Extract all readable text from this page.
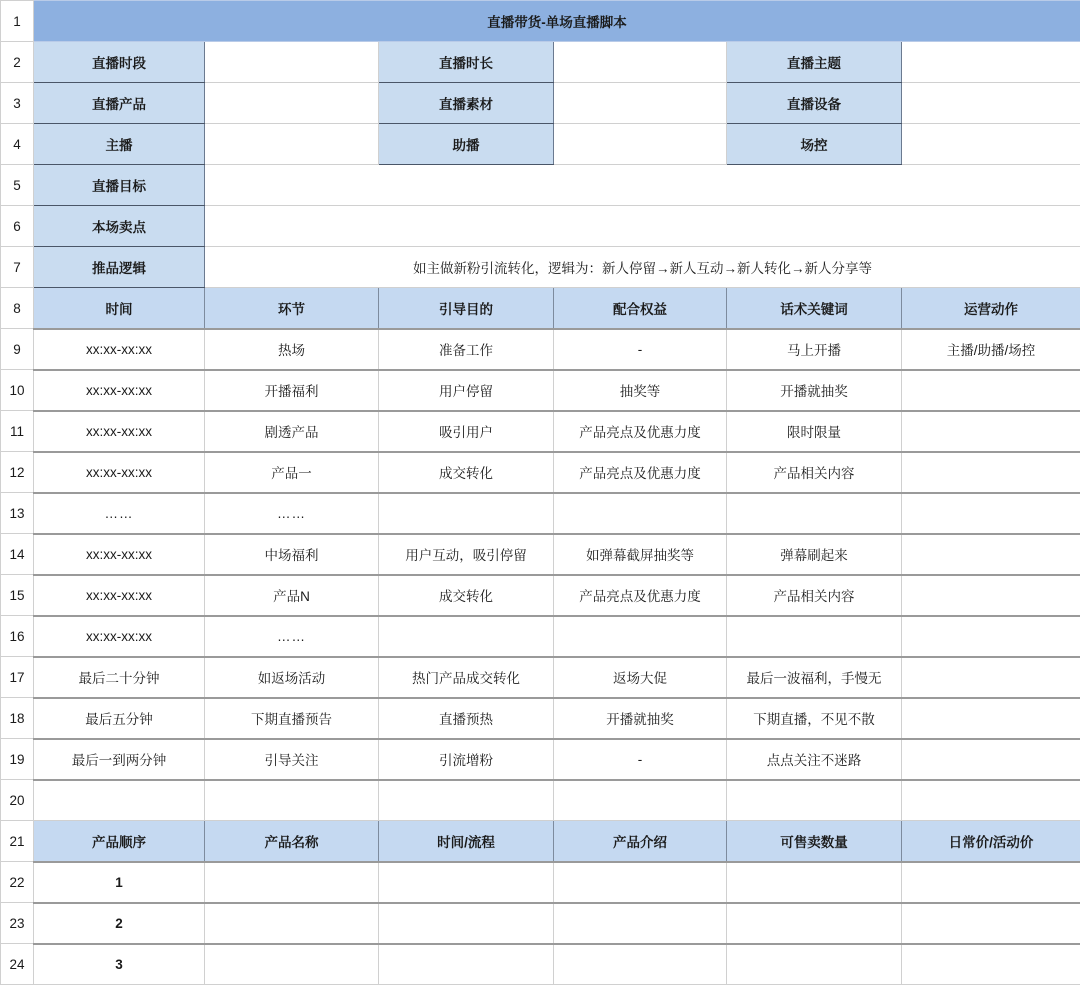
1	直播带货-单场直播脚本					
2	直播时段		直播时长		直播主题	
3	直播产品		直播素材		直播设备	
4	主播		助播		场控	
5	直播目标					
6	本场卖点					
7	推品逻辑	如主做新粉引流转化，逻辑为：新人停留→新人互动→新人转化→新人分享等				
8	时间	环节	引导目的	配合权益	话术关键词	运营动作
9	xx:xx-xx:xx	热场	准备工作	-	马上开播	主播/助播/场控
10	xx:xx-xx:xx	开播福利	用户停留	抽奖等	开播就抽奖	
11	xx:xx-xx:xx	剧透产品	吸引用户	产品亮点及优惠力度	限时限量	
12	xx:xx-xx:xx	产品一	成交转化	产品亮点及优惠力度	产品相关内容	
13	……	……				
14	xx:xx-xx:xx	中场福利	用户互动，吸引停留	如弹幕截屏抽奖等	弹幕刷起来	
15	xx:xx-xx:xx	产品N	成交转化	产品亮点及优惠力度	产品相关内容	
16	xx:xx-xx:xx	……				
17	最后二十分钟	如返场活动	热门产品成交转化	返场大促	最后一波福利，手慢无	
18	最后五分钟	下期直播预告	直播预热	开播就抽奖	下期直播，不见不散	
19	最后一到两分钟	引导关注	引流增粉	-	点点关注不迷路	
20						
21	产品顺序	产品名称	时间/流程	产品介绍	可售卖数量	日常价/活动价
22	1					
23	2					
24	3					
